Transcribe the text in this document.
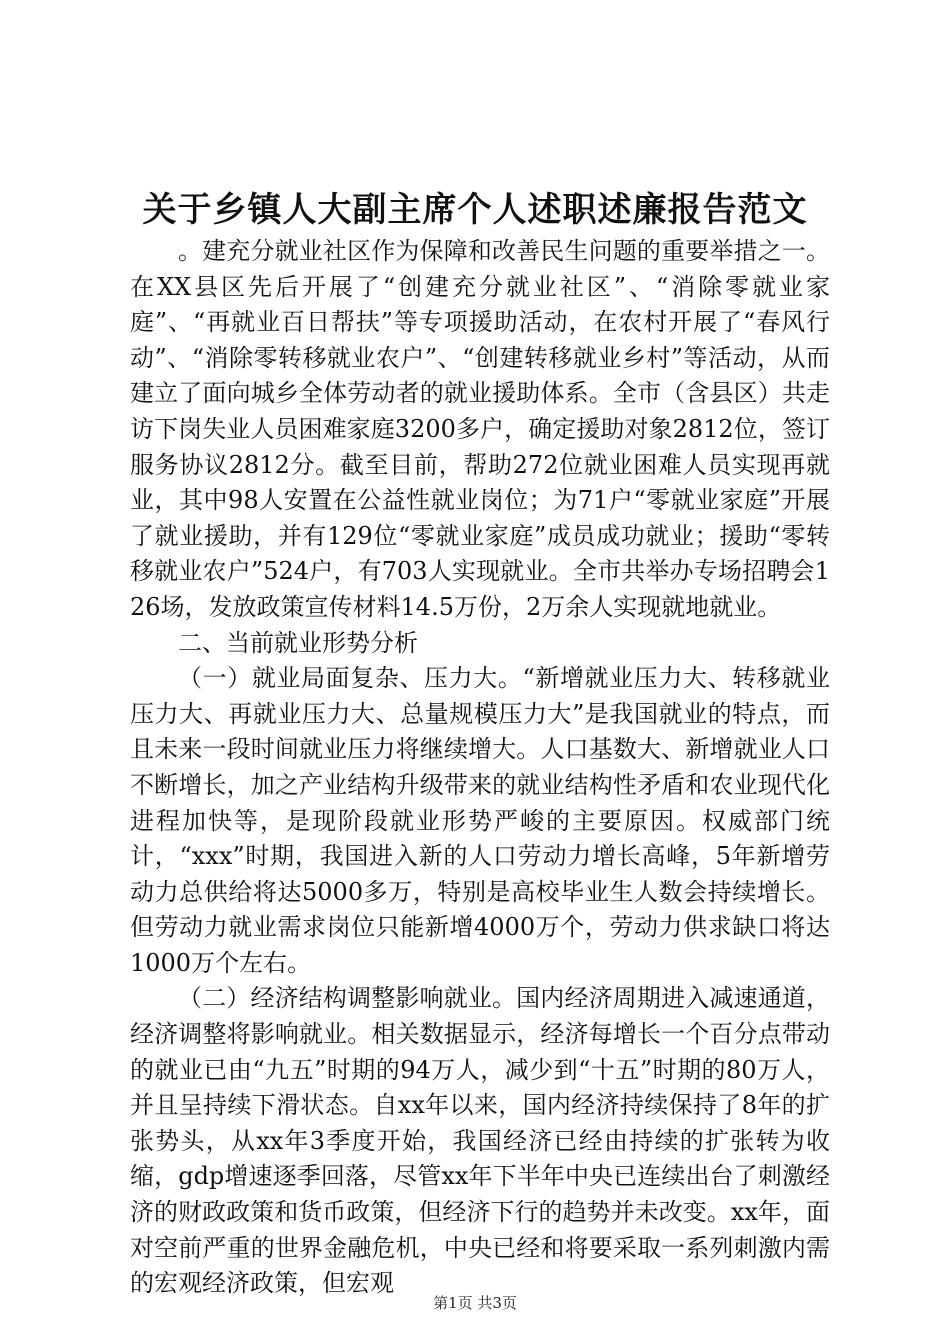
关于乡镇人大副主席个人述职述廉报告范文

。建充分就业社区作为保障和改善民生问题的重要举措之一。在XX县区先后开展了“创建充分就业社区”、“消除零就业家庭”、“再就业百日帮扶”等专项援助活动，在农村开展了“春风行动”、“消除零转移就业农户”、“创建转移就业乡村”等活动，从而建立了面向城乡全体劳动者的就业援助体系。全市（含县区）共走访下岗失业人员困难家庭3200多户，确定援助对象2812位，签订服务协议2812分。截至目前，帮助272位就业困难人员实现再就业，其中98人安置在公益性就业岗位；为71户“零就业家庭”开展了就业援助，并有129位“零就业家庭”成员成功就业；援助“零转移就业农户”524户，有703人实现就业。全市共举办专场招聘会126场，发放政策宣传材料14.5万份，2万余人实现就地就业。

二、当前就业形势分析

（一）就业局面复杂、压力大。“新增就业压力大、转移就业压力大、再就业压力大、总量规模压力大”是我国就业的特点，而且未来一段时间就业压力将继续增大。人口基数大、新增就业人口不断增长，加之产业结构升级带来的就业结构性矛盾和农业现代化进程加快等，是现阶段就业形势严峻的主要原因。权威部门统计，“xxx”时期，我国进入新的人口劳动力增长高峰，5年新增劳动力总供给将达5000多万，特别是高校毕业生人数会持续增长。但劳动力就业需求岗位只能新增4000万个，劳动力供求缺口将达1000万个左右。

（二）经济结构调整影响就业。国内经济周期进入减速通道，经济调整将影响就业。相关数据显示，经济每增长一个百分点带动的就业已由“九五”时期的94万人，减少到“十五”时期的80万人，并且呈持续下滑状态。自xx年以来，国内经济持续保持了8年的扩张势头，从xx年3季度开始，我国经济已经由持续的扩张转为收缩，gdp增速逐季回落，尽管xx年下半年中央已连续出台了刺激经济的财政政策和货币政策，但经济下行的趋势并未改变。xx年，面对空前严重的世界金融危机，中央已经和将要采取一系列刺激内需的宏观经济政策，但宏观

第1页 共3页
